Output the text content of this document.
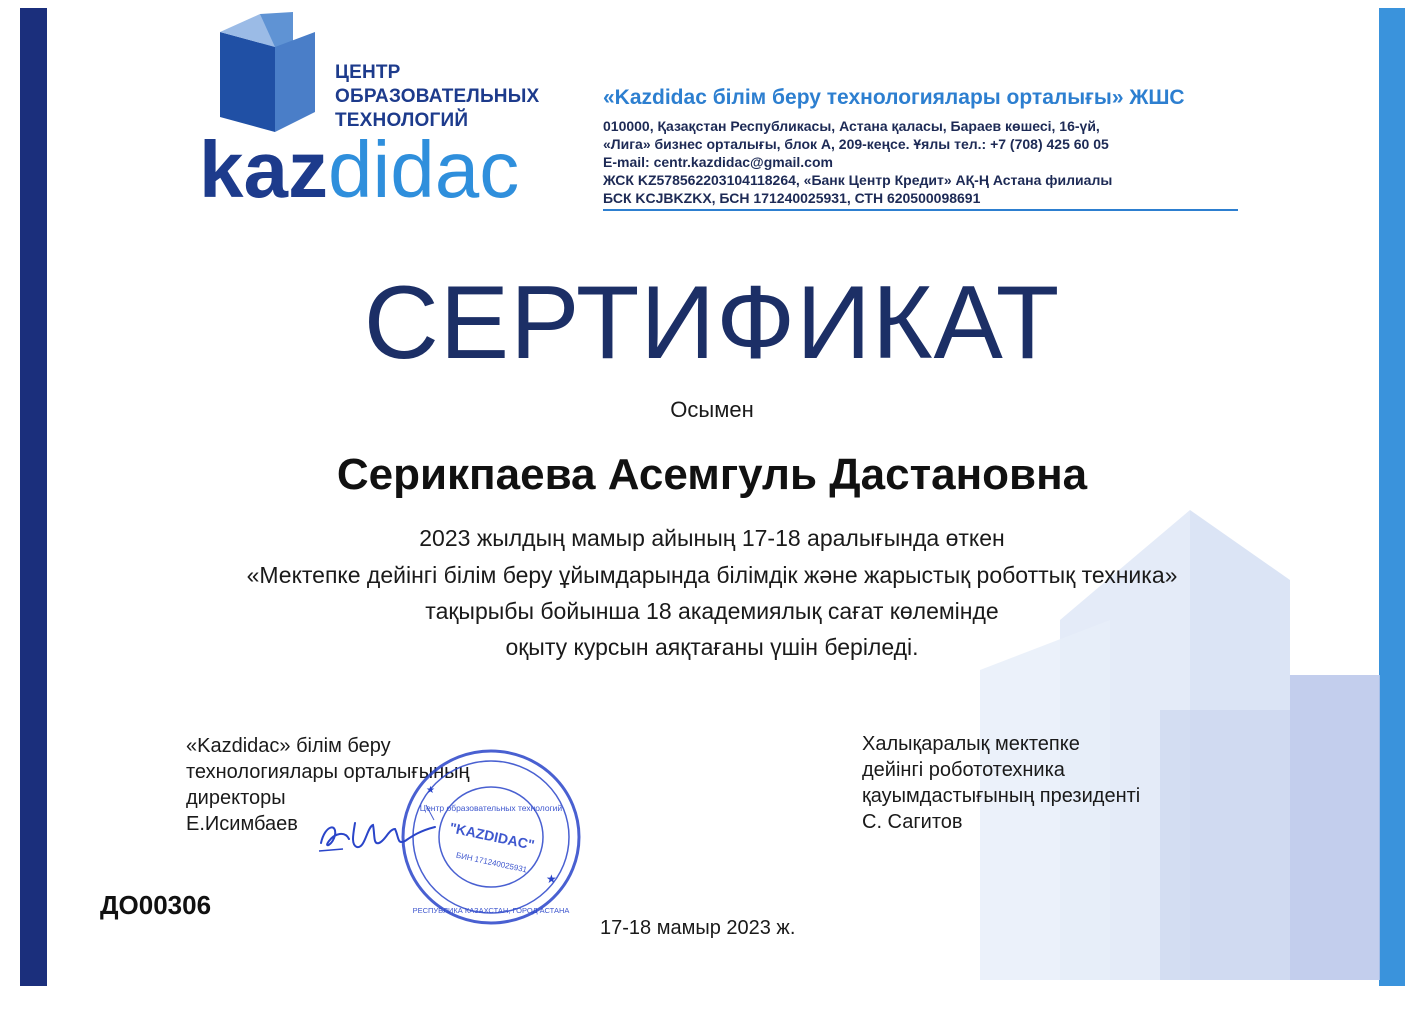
ЦЕНТР
ОБРАЗОВАТЕЛЬНЫХ
ТЕХНОЛОГИЙ
kazdidac
«Kazdidac білім беру технологиялары орталығы» ЖШС
010000, Қазақстан Республикасы, Астана қаласы, Бараев көшесі, 16-үй,
«Лига» бизнес орталығы, блок А, 209-кеңсе. Ұялы тел.: +7 (708) 425 60 05
E-mail: centr.kazdidac@gmail.com
ЖСК KZ578562203104118264, «Банк Центр Кредит» АҚ-Ң Астана филиалы
БСК KCJBKZKX, БСН 171240025931, СТН 620500098691
СЕРТИФИКАТ
Осымен
Серикпаева Асемгуль Дастановна
2023 жылдың мамыр айының 17-18 аралығында өткен
«Мектепке дейінгі білім беру ұйымдарында білімдік және жарыстық роботтық техника»
тақырыбы бойынша 18 академиялық сағат көлемінде
оқыту курсын аяқтағаны үшін беріледі.
«Kazdidac» білім беру
технологиялары орталығының
директоры
Е.Исимбаев
Халықаралық мектепке
дейінгі робототехника
қауымдастығының президенті
С. Сагитов
Центр образовательных технологий
"KAZDIDAC"
БИН 171240025931
РЕСПУБЛИКА КАЗАХСТАН, ГОРОД АСТАНА
★
★
ДО00306
17-18 мамыр 2023 ж.
